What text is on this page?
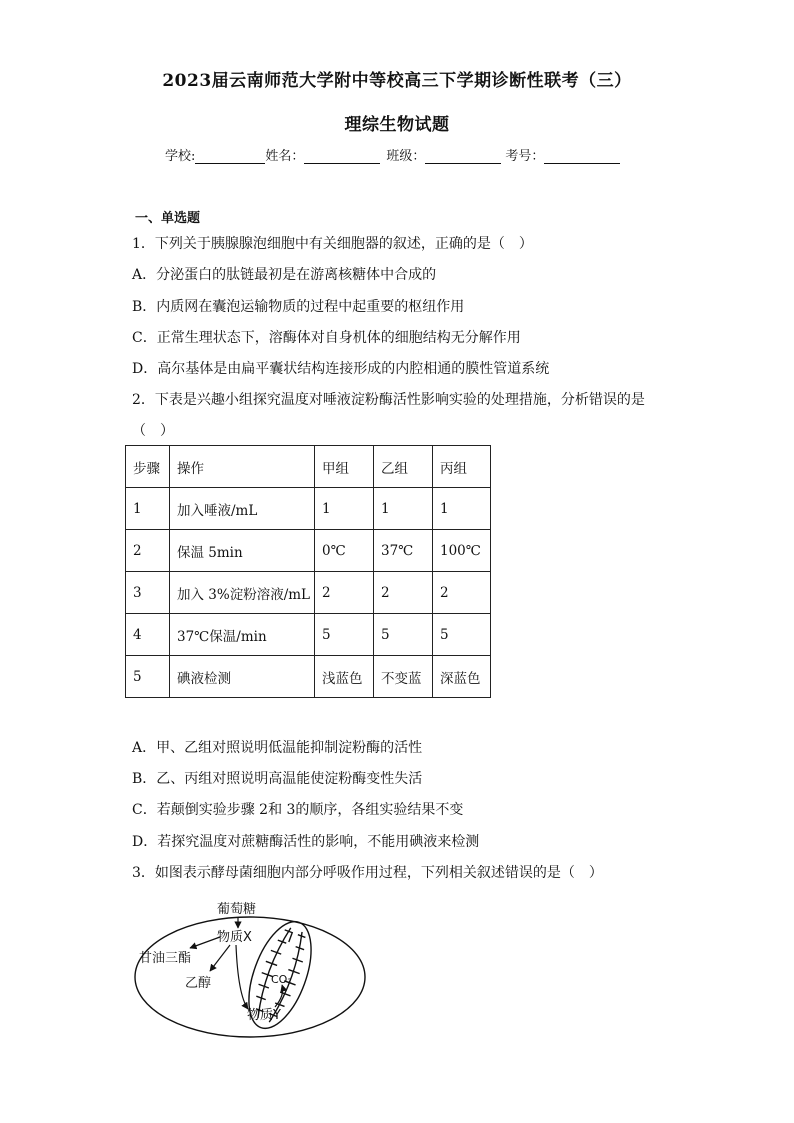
2023届云南师范大学附中等校高三下学期诊断性联考（三）
理综生物试题
学校:	姓名：	班级：	考号：
一、单选题
1．下列关于胰腺腺泡细胞中有关细胞器的叙述，正确的是（　）
A．分泌蛋白的肽链最初是在游离核糖体中合成的
B．内质网在囊泡运输物质的过程中起重要的枢纽作用
C．正常生理状态下，溶酶体对自身机体的细胞结构无分解作用
D．高尔基体是由扁平囊状结构连接形成的内腔相通的膜性管道系统
2．下表是兴趣小组探究温度对唾液淀粉酶活性影响实验的处理措施，分析错误的是
（　）
步骤	操作	甲组	乙组	丙组
1	加入唾液/mL	1	1	1
2	保温 5min	0℃	37℃	100℃
3	加入 3%淀粉溶液/mL	2	2	2
4	37℃保温/min	5	5	5
5	碘液检测	浅蓝色	不变蓝	深蓝色
A．甲、乙组对照说明低温能抑制淀粉酶的活性
B．乙、丙组对照说明高温能使淀粉酶变性失活
C．若颠倒实验步骤 2和 3的顺序，各组实验结果不变
D．若探究温度对蔗糖酶活性的影响，不能用碘液来检测
3．如图表示酵母菌细胞内部分呼吸作用过程，下列相关叙述错误的是（　）
葡萄糖
物质X
甘油三酯
乙醇	CO₂
物质Y
